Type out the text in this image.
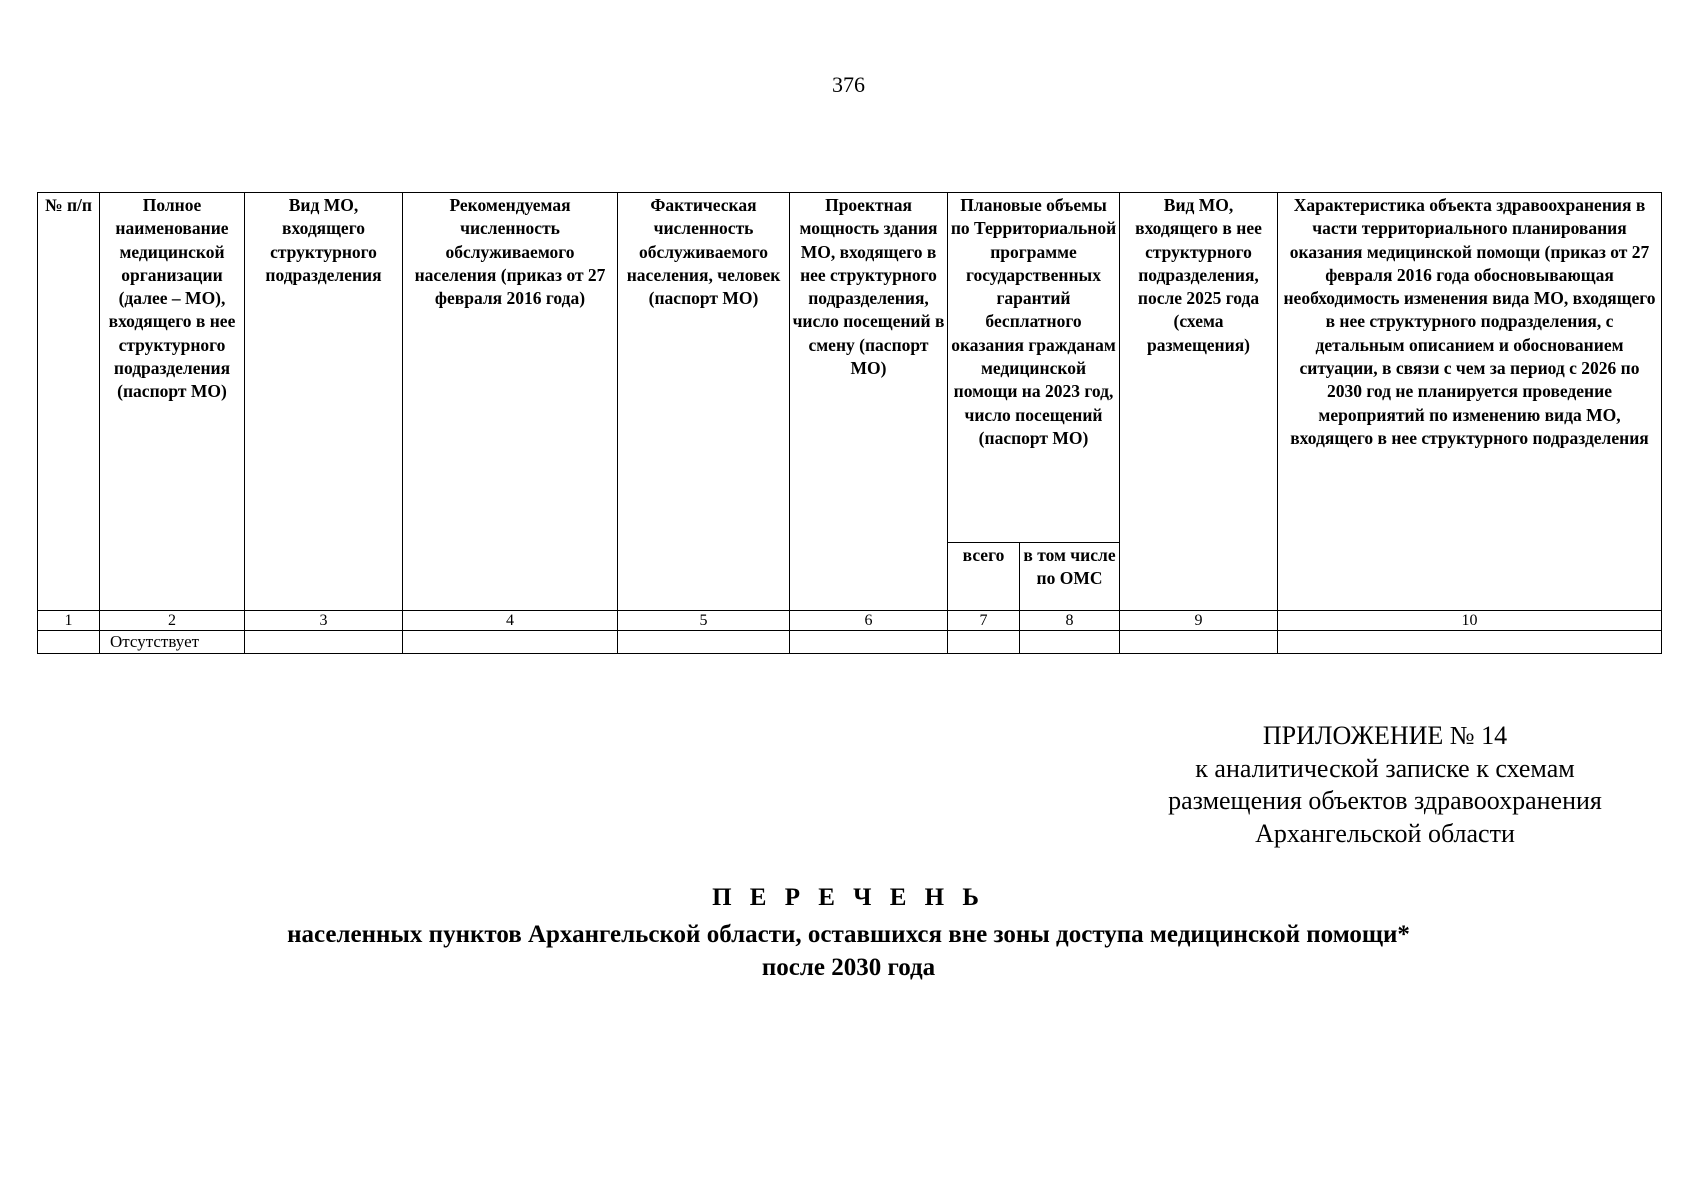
376
№ п/п	Полное наименование медицинской организации (далее – МО), входящего в нее структурного подразделения (паспорт МО)	Вид МО, входящего структурного подразделения	Рекомендуемая численность обслуживаемого населения (приказ от 27 февраля 2016 года)	Фактическая численность обслуживаемого населения, человек (паспорт МО)	Проектная мощность здания МО, входящего в нее структурного подразделения, число посещений в смену (паспорт МО)	Плановые объемы по Территориальной программе государственных гарантий бесплатного оказания гражданам медицинской помощи на 2023 год, число посещений (паспорт МО)		Вид МО, входящего в нее структурного подразделения, после 2025 года (схема размещения)	Характеристика объекта здравоохранения в части территориального планирования оказания медицинской помощи (приказ от 27 февраля 2016 года обосновывающая необходимость изменения вида МО, входящего в нее структурного подразделения, с детальным описанием и обоснованием ситуации, в связи с чем за период с 2026 по 2030 год не планируется проведение мероприятий по изменению вида МО, входящего в нее структурного подразделения
						всего	в том числе по ОМС		
1	2	3	4	5	6	7	8	9	10
	Отсутствует								
ПРИЛОЖЕНИЕ № 14
к аналитической записке к схемам
размещения объектов здравоохранения
Архангельской области
П Е Р Е Ч Е Н Ь
населенных пунктов Архангельской области, оставшихся вне зоны доступа медицинской помощи*
после 2030 года
